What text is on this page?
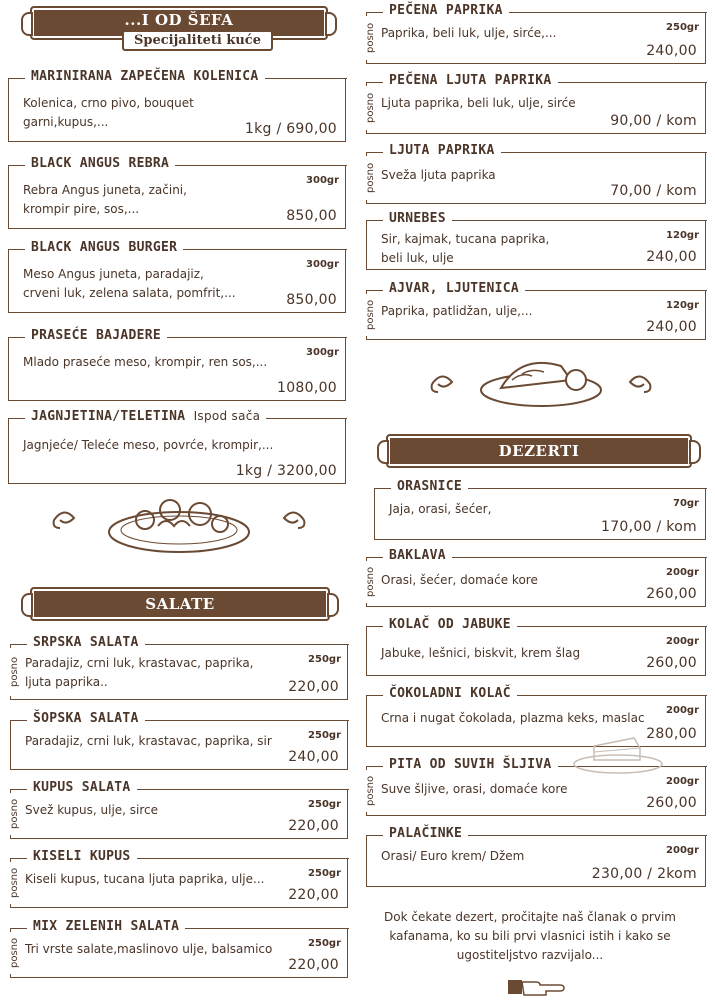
...I OD ŠEFA
Specijaliteti kuće
MARINIRANA ZAPEČENA KOLENICA
Kolenica, crno pivo, bouquet
garni,kupus,...	1kg / 690,00
BLACK ANGUS REBRA
300gr
Rebra Angus juneta, začini,
krompir pire, sos,...	850,00
BLACK ANGUS BURGER
300gr
Meso Angus juneta, paradajiz,
crveni luk, zelena salata, pomfrit,...	850,00
PRASEĆE BAJADERE
300gr
Mlado praseće meso, krompir, ren sos,...
1080,00
JAGNJETINA/TELETINA Ispod sača
Jagnjeće/ Teleće meso, povrće, krompir,...
1kg / 3200,00
SALATE
posno
SRPSKA SALATA
250gr
Paradajiz, crni luk, krastavac, paprika,
ljuta paprika..	220,00
ŠOPSKA SALATA
250gr
Paradajiz, crni luk, krastavac, paprika, sir
240,00
posno
KUPUS SALATA
250gr
Svež kupus, ulje, sirce
220,00
posno
KISELI KUPUS
250gr
Kiseli kupus, tucana ljuta paprika, ulje...
220,00
posno
MIX ZELENIH SALATA
250gr
Tri vrste salate,maslinovo ulje, balsamico
220,00
posno
PEČENA PAPRIKA
250gr
Paprika, beli luk, ulje, sirće,...
240,00
posno
PEČENA LJUTA PAPRIKA
Ljuta paprika, beli luk, ulje, sirće
90,00 / kom
posno
LJUTA PAPRIKA
Sveža ljuta paprika
70,00 / kom
URNEBES
120gr
Sir, kajmak, tucana paprika,
beli luk, ulje	240,00
posno
AJVAR, LJUTENICA
120gr
Paprika, patlidžan, ulje,...
240,00
DEZERTI
ORASNICE
70gr
Jaja, orasi, šećer,
170,00 / kom
posno
BAKLAVA
200gr
Orasi, šećer, domaće kore
260,00
KOLAČ OD JABUKE
200gr
Jabuke, lešnici, biskvit, krem šlag
260,00
ČOKOLADNI KOLAČ
200gr
Crna i nugat čokolada, plazma keks, maslac
280,00
posno
PITA OD SUVIH ŠLJIVA
200gr
Suve šljive, orasi, domaće kore
260,00
PALAČINKE
200gr
Orasi/ Euro krem/ Džem
230,00 / 2kom
Dok čekate dezert, pročitajte naš članak o prvim kafanama, ko su bili prvi vlasnici istih i kako se ugostiteljstvo razvijalo...
